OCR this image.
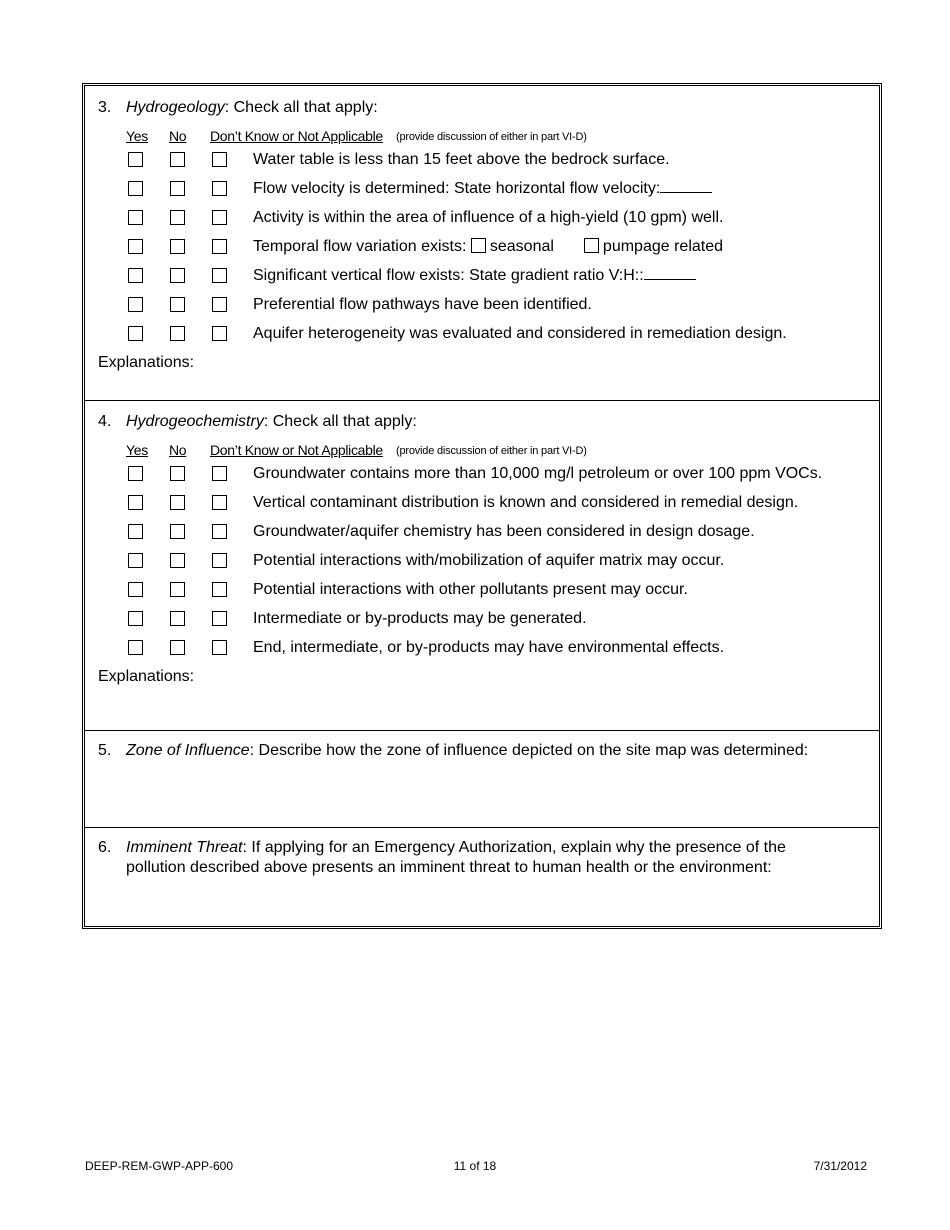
3. Hydrogeology: Check all that apply:
Yes No Don’t Know or Not Applicable (provide discussion of either in part VI-D)
Water table is less than 15 feet above the bedrock surface.
Flow velocity is determined: State horizontal flow velocity:
Activity is within the area of influence of a high-yield (10 gpm) well.
Temporal flow variation exists: seasonal	pumpage related
Significant vertical flow exists: State gradient ratio V:H::
Preferential flow pathways have been identified.
Aquifer heterogeneity was evaluated and considered in remediation design.
Explanations:
4. Hydrogeochemistry: Check all that apply:
Yes No Don’t Know or Not Applicable (provide discussion of either in part VI-D)
Groundwater contains more than 10,000 mg/l petroleum or over 100 ppm VOCs.
Vertical contaminant distribution is known and considered in remedial design.
Groundwater/aquifer chemistry has been considered in design dosage.
Potential interactions with/mobilization of aquifer matrix may occur.
Potential interactions with other pollutants present may occur.
Intermediate or by-products may be generated.
End, intermediate, or by-products may have environmental effects.
Explanations:
5. Zone of Influence: Describe how the zone of influence depicted on the site map was determined:
6. Imminent Threat: If applying for an Emergency Authorization, explain why the presence of the pollution described above presents an imminent threat to human health or the environment:
DEEP-REM-GWP-APP-600	11 of 18	7/31/2012
